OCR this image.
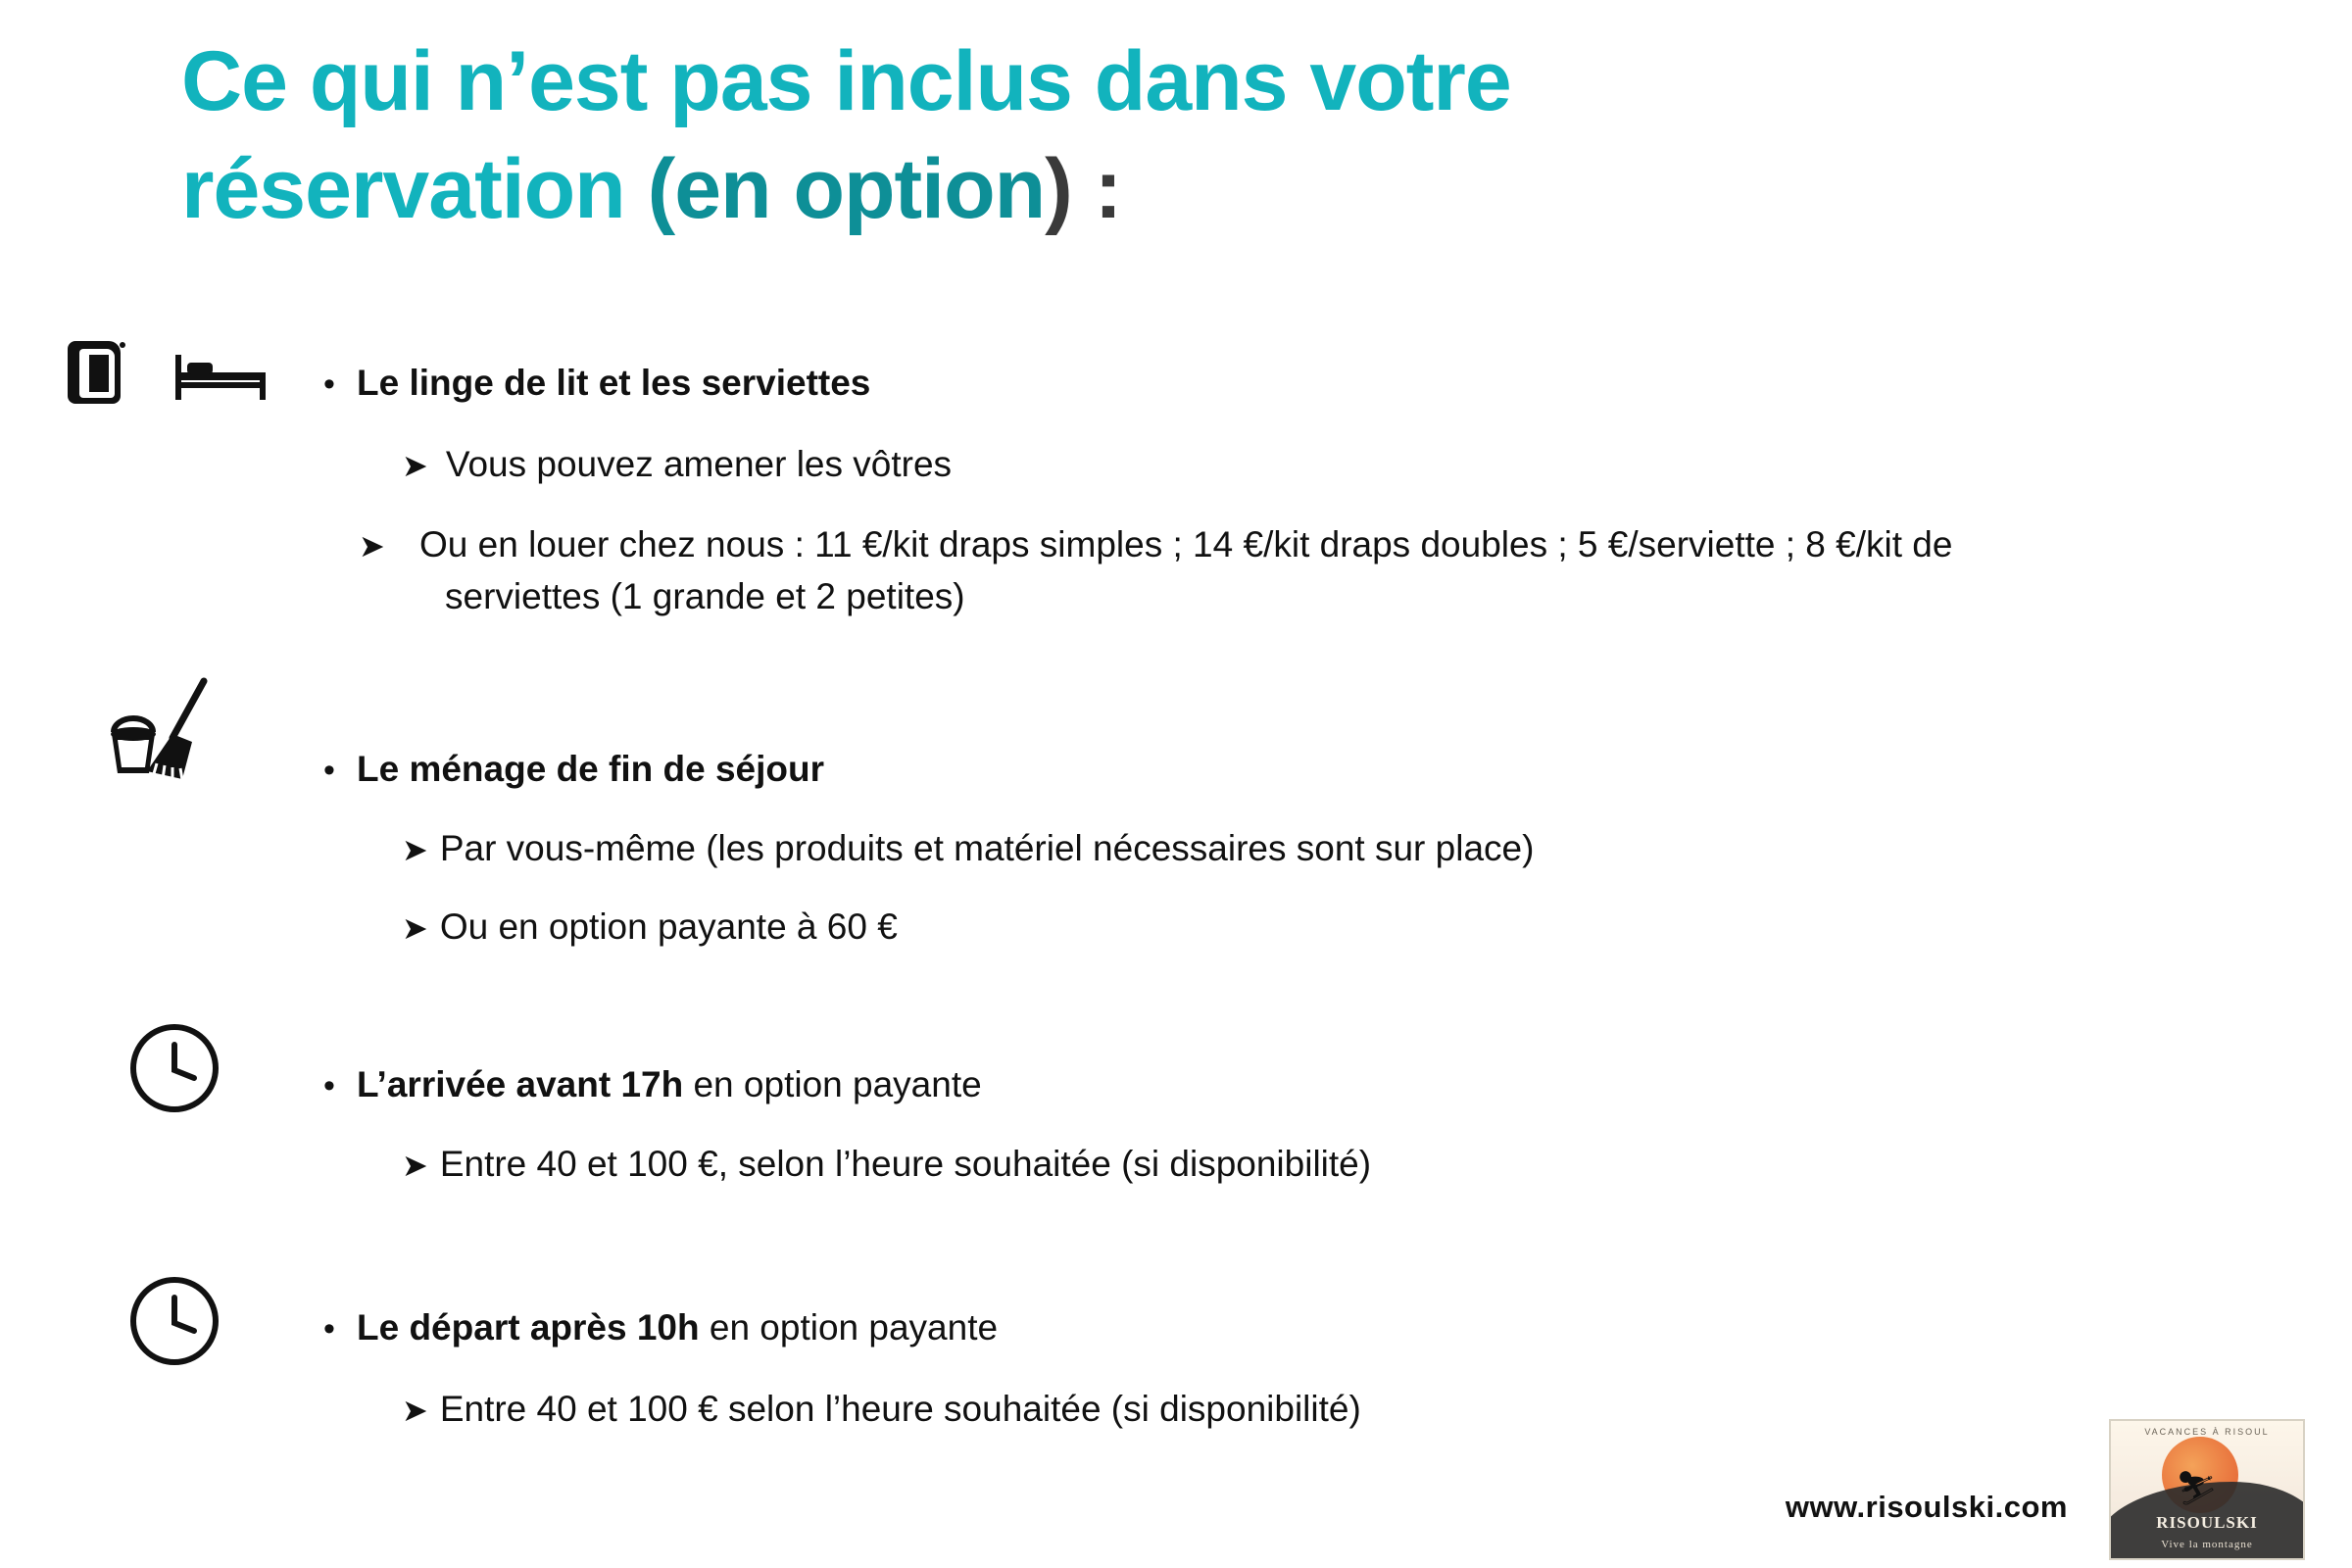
Ce qui n’est pas inclus dans votre
réservation (en option) :
• Le linge de lit et les serviettes
➤ Vous pouvez amener les vôtres
➤ Ou en louer chez nous : 11 €/kit draps simples ; 14 €/kit draps doubles ; 5 €/serviette ; 8 €/kit de serviettes (1 grande et 2 petites)
• Le ménage de fin de séjour
➤ Par vous-même (les produits et matériel nécessaires sont sur place)
➤ Ou en option payante à 60 €
• L’arrivée avant 17h en option payante
➤ Entre 40 et 100 €, selon l’heure souhaitée (si disponibilité)
• Le départ après 10h en option payante
➤ Entre 40 et 100 € selon l’heure souhaitée (si disponibilité)
www.risoulski.com
VACANCES À RISOUL
⛷
RISOULSKI
Vive la montagne
